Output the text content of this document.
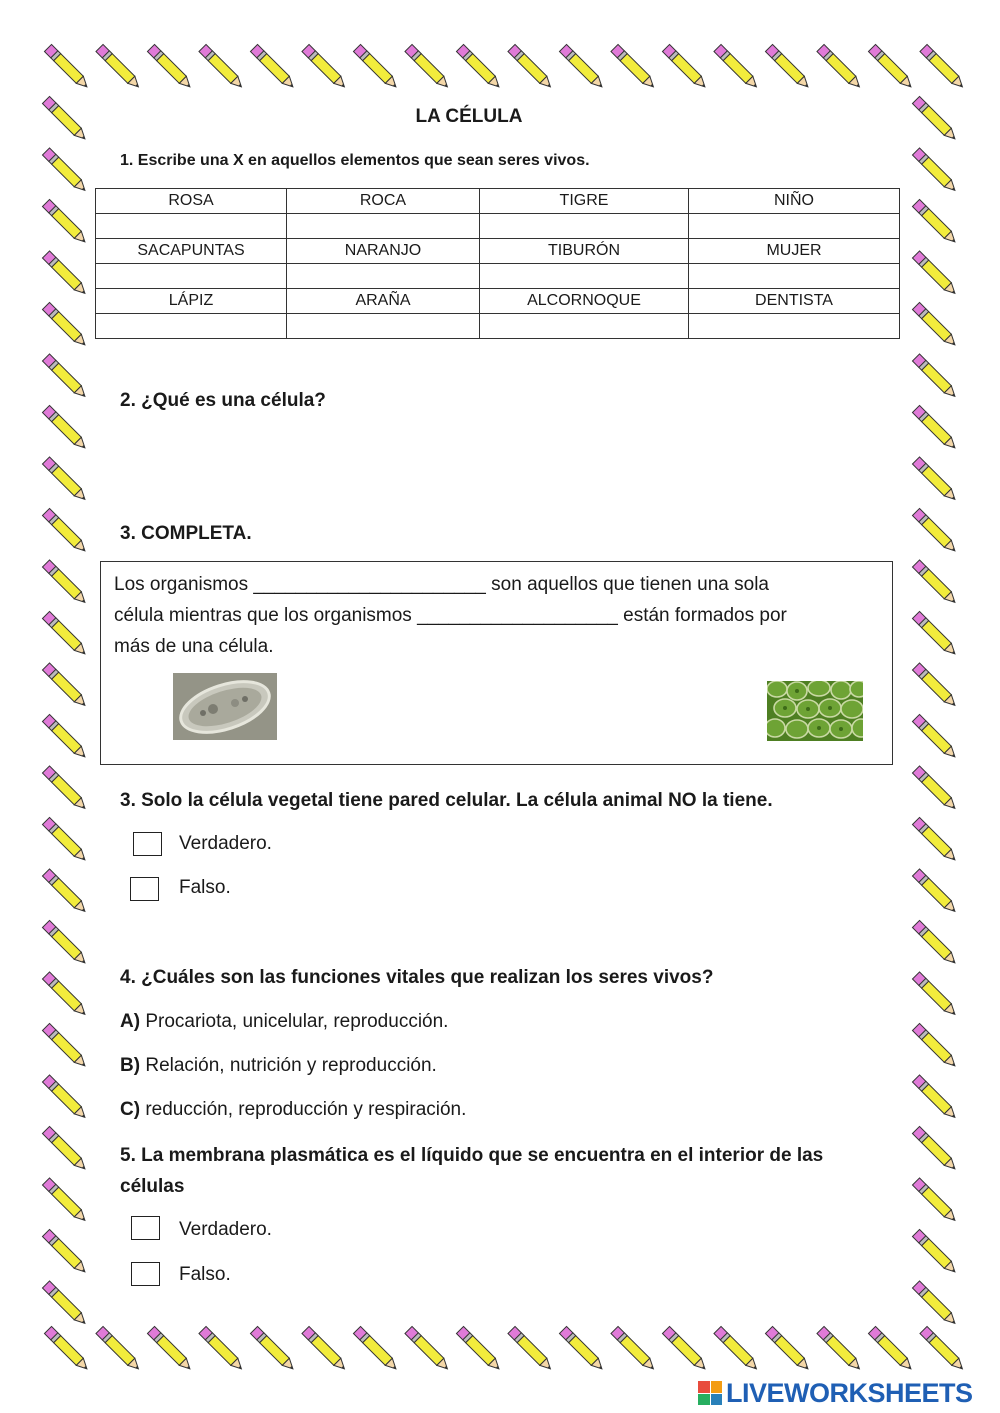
LA CÉLULA
1. Escribe una X en aquellos elementos que sean seres vivos.
ROSA	ROCA	TIGRE	NIÑO

SACAPUNTAS	NARANJO	TIBURÓN	MUJER

LÁPIZ	ARAÑA	ALCORNOQUE	DENTISTA

2. ¿Qué es una célula?
3. COMPLETA.
Los organismos ______________________ son aquellos que tienen una sola
célula mientras que los organismos ___________________ están formados por
más de una célula.
3. Solo la célula vegetal tiene pared celular. La célula animal NO la tiene.
Verdadero.
Falso.
4. ¿Cuáles son las funciones vitales que realizan los seres vivos?
A) Procariota, unicelular, reproducción.
B) Relación, nutrición y reproducción.
C) reducción, reproducción y respiración.
5. La membrana plasmática es el líquido que se encuentra en el interior de las
células
Verdadero.
Falso.
LIVEWORKSHEETS
